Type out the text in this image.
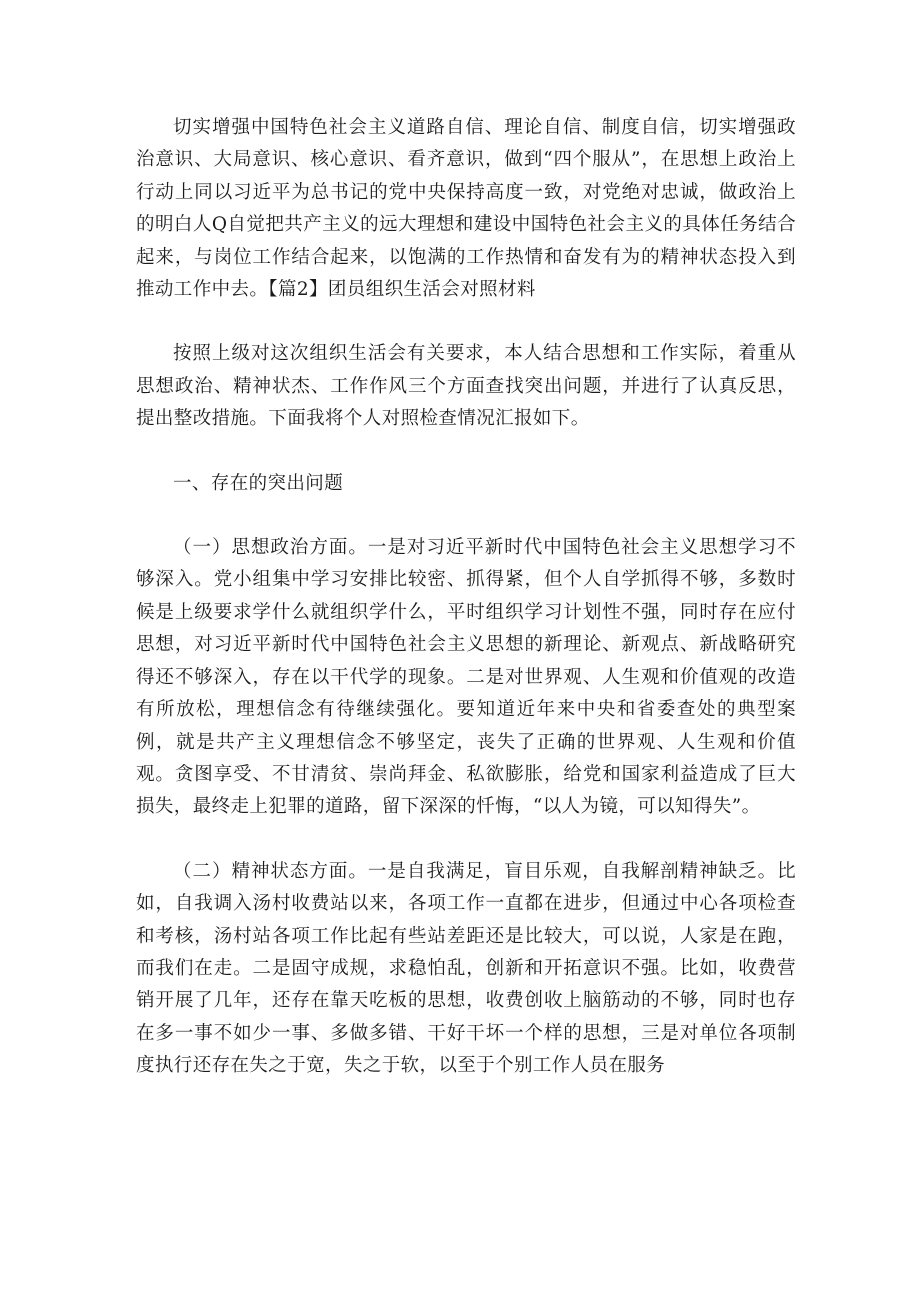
切实增强中国特色社会主义道路自信、理论自信、制度自信，切实增强政治意识、大局意识、核心意识、看齐意识，做到“四个服从”，在思想上政治上行动上同以习近平为总书记的党中央保持高度一致，对党绝对忠诚，做政治上的明白人Q自觉把共产主义的远大理想和建设中国特色社会主义的具体任务结合起来，与岗位工作结合起来，以饱满的工作热情和奋发有为的精神状态投入到推动工作中去。【篇2】团员组织生活会对照材料

按照上级对这次组织生活会有关要求，本人结合思想和工作实际，着重从思想政治、精神状杰、工作作风三个方面查找突出问题，并进行了认真反思，提出整改措施。下面我将个人对照检查情况汇报如下。

一、存在的突出问题

（一）思想政治方面。一是对习近平新时代中国特色社会主义思想学习不够深入。党小组集中学习安排比较密、抓得紧，但个人自学抓得不够，多数时候是上级要求学什么就组织学什么，平时组织学习计划性不强，同时存在应付思想，对习近平新时代中国特色社会主义思想的新理论、新观点、新战略研究得还不够深入，存在以干代学的现象。二是对世界观、人生观和价值观的改造有所放松，理想信念有待继续强化。要知道近年来中央和省委查处的典型案例，就是共产主义理想信念不够坚定，丧失了正确的世界观、人生观和价值观。贪图享受、不甘清贫、崇尚拜金、私欲膨胀，给党和国家利益造成了巨大损失，最终走上犯罪的道路，留下深深的忏悔，“以人为镜，可以知得失”。

（二）精神状态方面。一是自我满足，盲目乐观，自我解剖精神缺乏。比如，自我调入汤村收费站以来，各项工作一直都在进步，但通过中心各项检查和考核，汤村站各项工作比起有些站差距还是比较大，可以说，人家是在跑，而我们在走。二是固守成规，求稳怕乱，创新和开拓意识不强。比如，收费营销开展了几年，还存在靠天吃板的思想，收费创收上脑筋动的不够，同时也存在多一事不如少一事、多做多错、干好干坏一个样的思想，三是对单位各项制度执行还存在失之于宽，失之于软，以至于个别工作人员在服务
